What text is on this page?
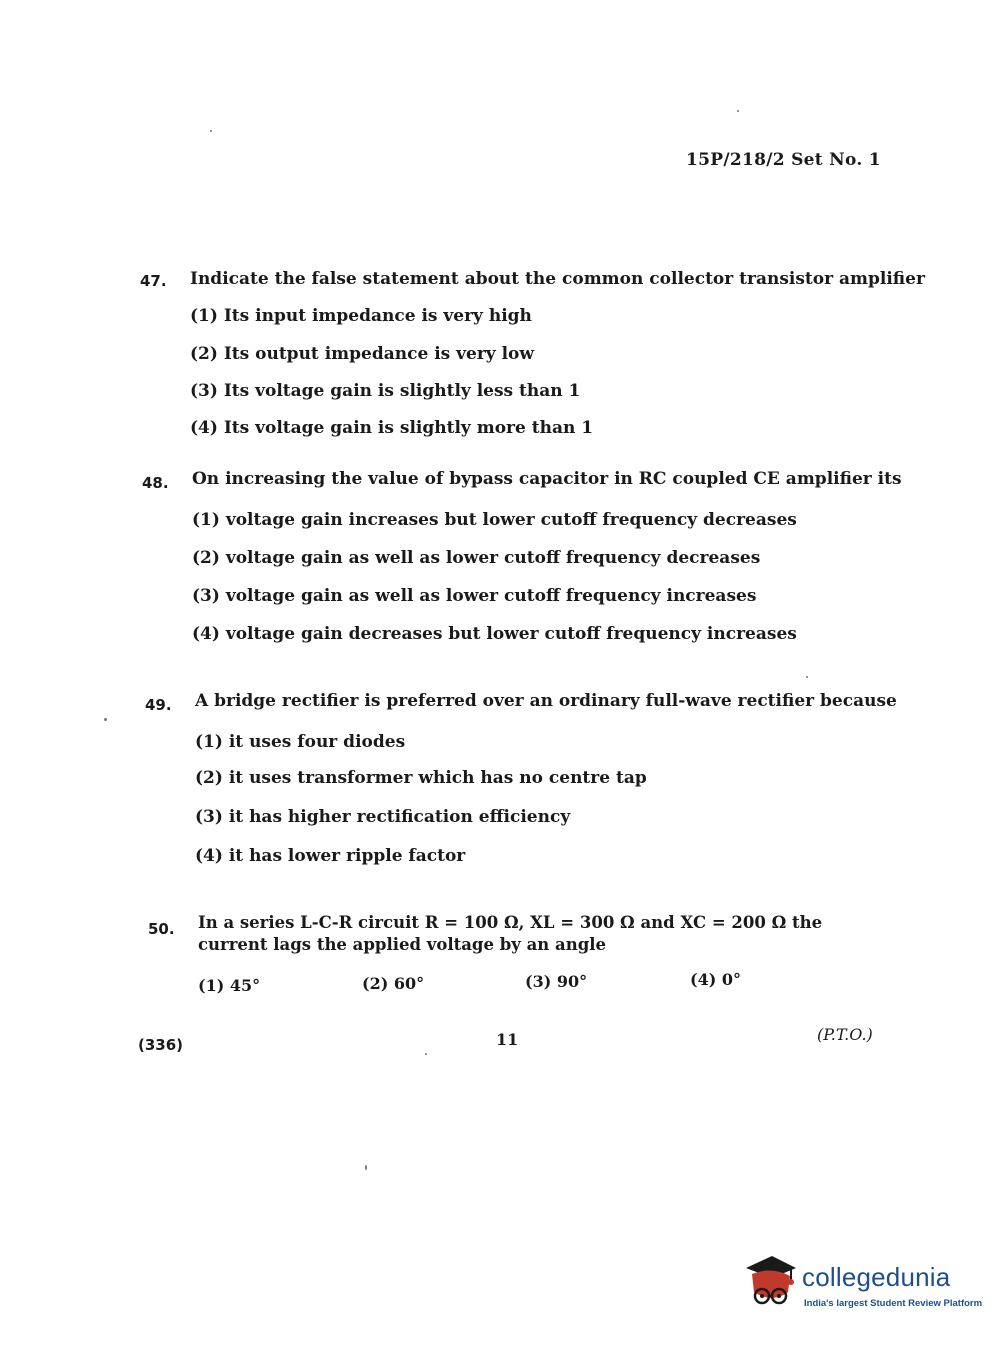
15P/218/2 Set No. 1
47. Indicate the false statement about the common collector transistor amplifier
(1) Its input impedance is very high
(2) Its output impedance is very low
(3) Its voltage gain is slightly less than 1
(4) Its voltage gain is slightly more than 1
48. On increasing the value of bypass capacitor in RC coupled CE amplifier its
(1) voltage gain increases but lower cutoff frequency decreases
(2) voltage gain as well as lower cutoff frequency decreases
(3) voltage gain as well as lower cutoff frequency increases
(4) voltage gain decreases but lower cutoff frequency increases
49. A bridge rectifier is preferred over an ordinary full-wave rectifier because
(1) it uses four diodes
(2) it uses transformer which has no centre tap
(3) it has higher rectification efficiency
(4) it has lower ripple factor
50. In a series L-C-R circuit R = 100 Ω, XL = 300 Ω and XC = 200 Ω the current lags the applied voltage by an angle
(1) 45°	(2) 60°	(3) 90°	(4) 0°
(336)	11	(P.T.O.)
collegedunia
India's largest Student Review Platform
